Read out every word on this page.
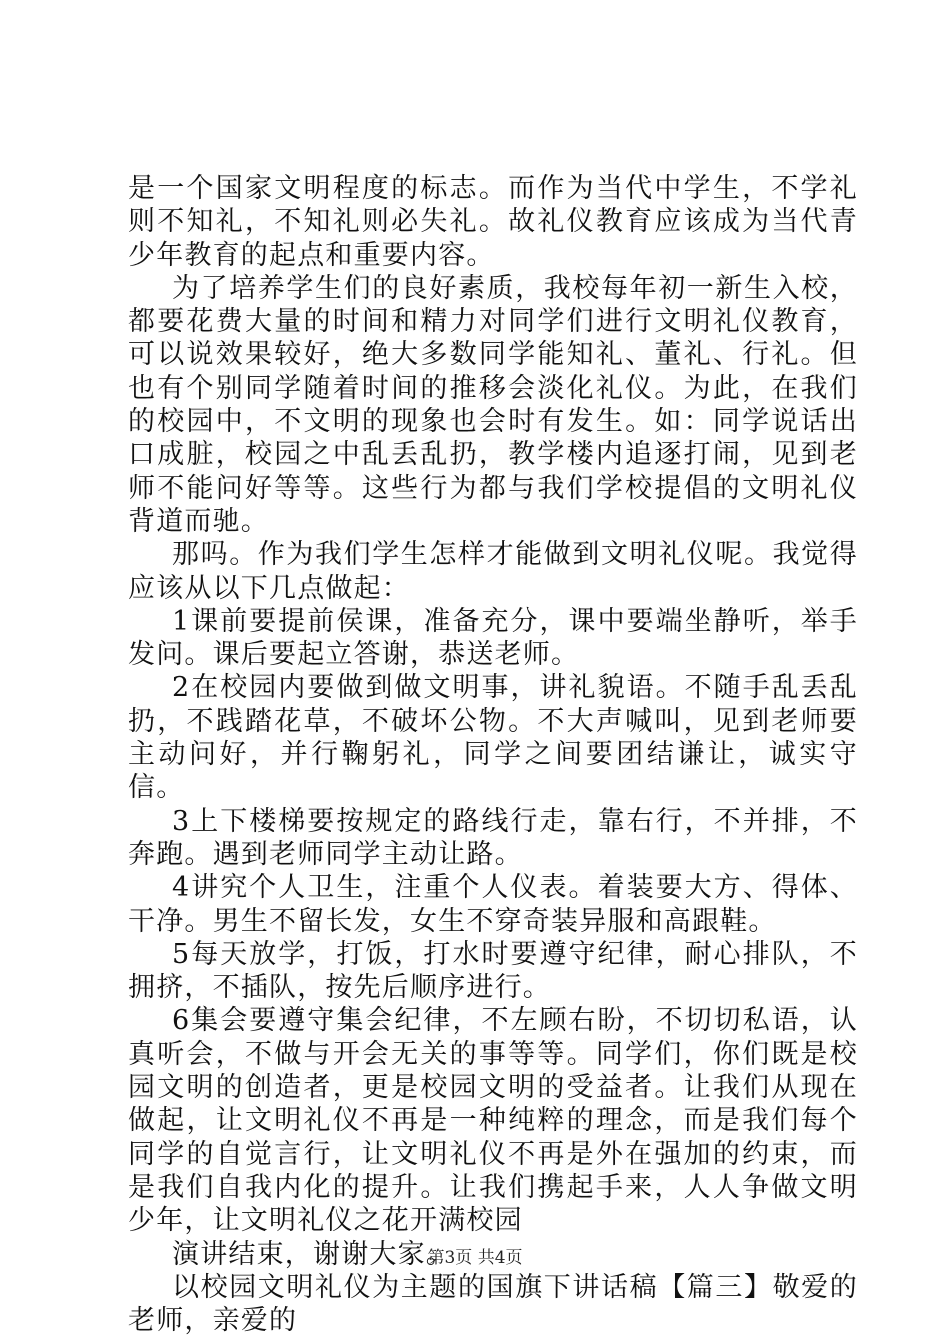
是一个国家文明程度的标志。而作为当代中学生，不学礼则不知礼，不知礼则必失礼。故礼仪教育应该成为当代青少年教育的起点和重要内容。

为了培养学生们的良好素质，我校每年初一新生入校，都要花费大量的时间和精力对同学们进行文明礼仪教育，可以说效果较好，绝大多数同学能知礼、董礼、行礼。但也有个别同学随着时间的推移会淡化礼仪。为此，在我们的校园中，不文明的现象也会时有发生。如：同学说话出口成脏，校园之中乱丢乱扔，教学楼内追逐打闹，见到老师不能问好等等。这些行为都与我们学校提倡的文明礼仪背道而驰。

那吗。作为我们学生怎样才能做到文明礼仪呢。我觉得应该从以下几点做起：

1课前要提前侯课，准备充分，课中要端坐静听，举手发问。课后要起立答谢，恭送老师。

2在校园内要做到做文明事，讲礼貌语。不随手乱丢乱扔，不践踏花草，不破坏公物。不大声喊叫，见到老师要主动问好，并行鞠躬礼，同学之间要团结谦让，诚实守信。

3上下楼梯要按规定的路线行走，靠右行，不并排，不奔跑。遇到老师同学主动让路。

4讲究个人卫生，注重个人仪表。着装要大方、得体、干净。男生不留长发，女生不穿奇装异服和高跟鞋。

5每天放学，打饭，打水时要遵守纪律，耐心排队，不拥挤，不插队，按先后顺序进行。

6集会要遵守集会纪律，不左顾右盼，不切切私语，认真听会，不做与开会无关的事等等。同学们，你们既是校园文明的创造者，更是校园文明的受益者。让我们从现在做起，让文明礼仪不再是一种纯粹的理念，而是我们每个同学的自觉言行，让文明礼仪不再是外在强加的约束，而是我们自我内化的提升。让我们携起手来，人人争做文明少年，让文明礼仪之花开满校园

演讲结束，谢谢大家。

以校园文明礼仪为主题的国旗下讲话稿【篇三】敬爱的老师，亲爱的

第3页 共4页
